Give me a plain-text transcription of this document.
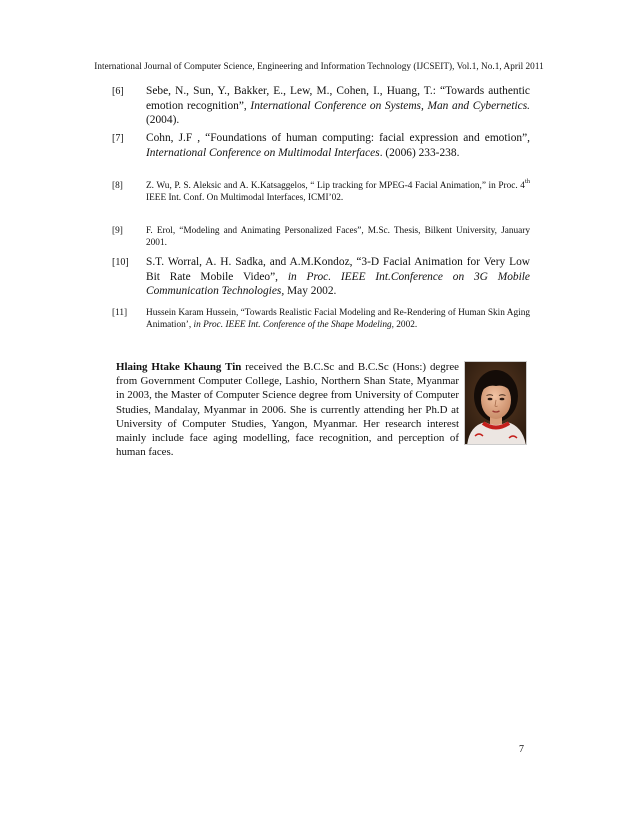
International Journal of Computer Science, Engineering and Information Technology (IJCSEIT), Vol.1, No.1, April 2011
[6]	Sebe, N., Sun, Y., Bakker, E., Lew, M., Cohen, I., Huang, T.: “Towards authentic emotion recognition”, International Conference on Systems, Man and Cybernetics. (2004).
[7]	Cohn, J.F , “Foundations of human computing: facial expression and emotion”, International Conference on Multimodal Interfaces. (2006) 233-238.
[8]	Z. Wu, P. S. Aleksic and A. K.Katsaggelos, “ Lip tracking for MPEG-4 Facial Animation,” in Proc. 4th IEEE Int. Conf. On Multimodal Interfaces, ICMI’02.
[9]	F. Erol, “Modeling and Animating Personalized Faces”, M.Sc. Thesis, Bilkent University, January 2001.
[10]	S.T. Worral, A. H. Sadka, and A.M.Kondoz, “3-D Facial Animation for Very Low Bit Rate Mobile Video”, in Proc. IEEE Int.Conference on 3G Mobile Communication Technologies, May 2002.
[11]	Hussein Karam Hussein, “Towards Realistic Facial Modeling and Re-Rendering of Human Skin Aging Animation’, in Proc. IEEE Int. Conference of the Shape Modeling, 2002.
Hlaing Htake Khaung Tin received the B.C.Sc and B.C.Sc (Hons:) degree from Government Computer College, Lashio, Northern Shan State, Myanmar in 2003, the Master of Computer Science degree from University of Computer Studies, Mandalay, Myanmar in 2006. She is currently attending her Ph.D at University of Computer Studies, Yangon, Myanmar. Her research interest mainly include face aging modelling, face recognition, and perception of human faces.
7
